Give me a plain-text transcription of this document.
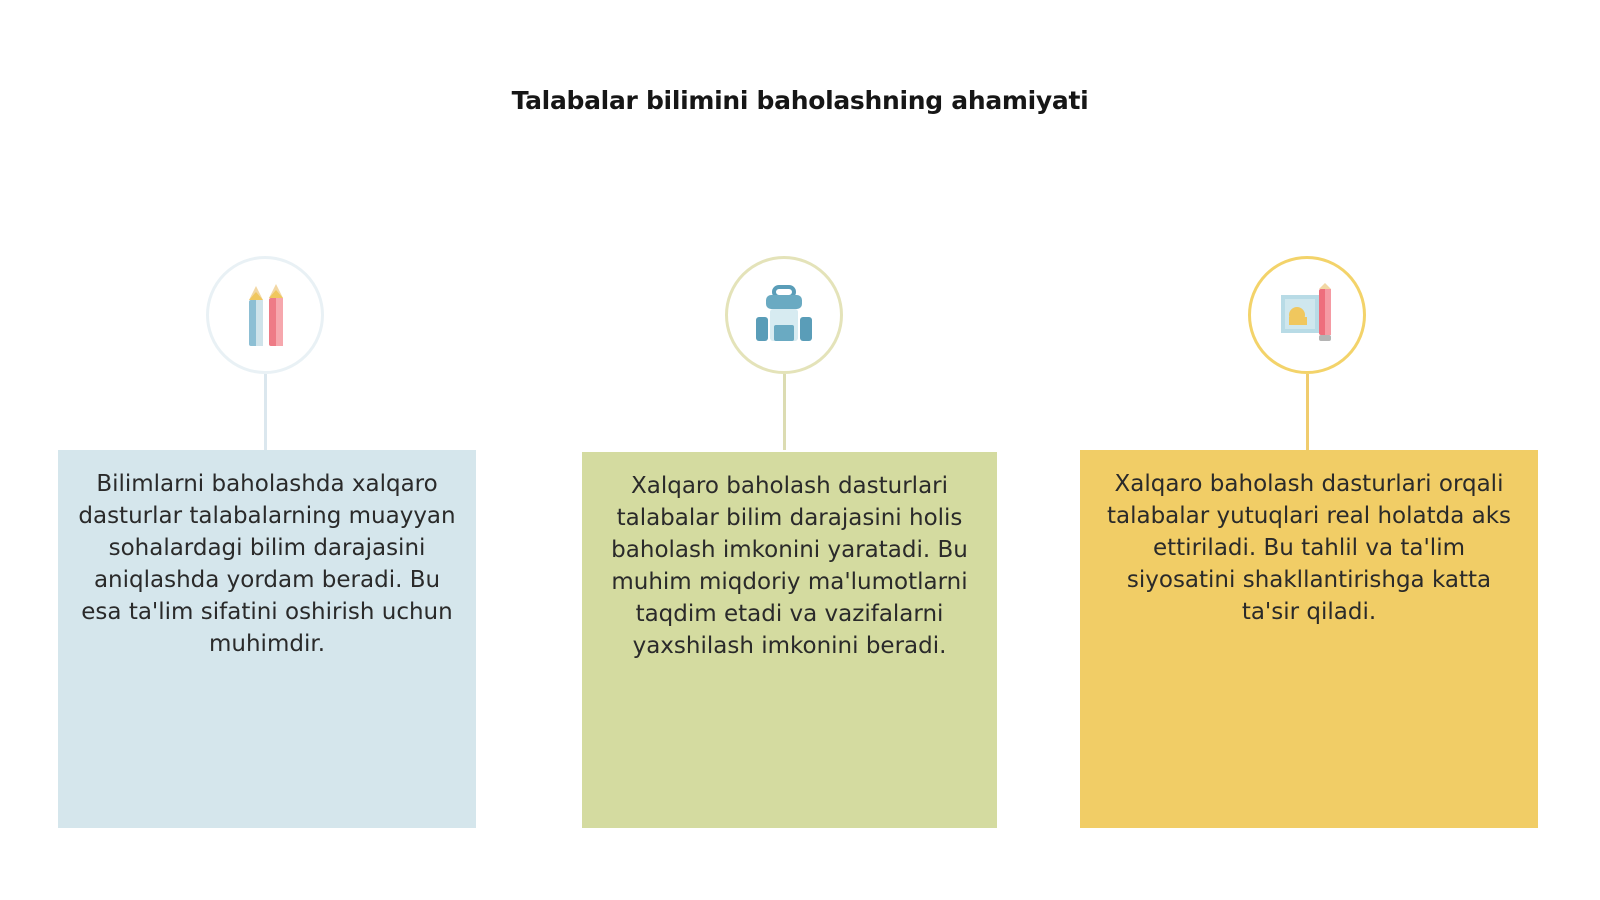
Talabalar bilimini baholashning ahamiyati
Bilimlarni baholashda xalqaro dasturlar talabalarning muayyan sohalardagi bilim darajasini aniqlashda yordam beradi. Bu esa ta'lim sifatini oshirish uchun muhimdir.
Xalqaro baholash dasturlari talabalar bilim darajasini holis baholash imkonini yaratadi. Bu muhim miqdoriy ma'lumotlarni taqdim etadi va vazifalarni yaxshilash imkonini beradi.
Xalqaro baholash dasturlari orqali talabalar yutuqlari real holatda aks ettiriladi. Bu tahlil va ta'lim siyosatini shakllantirishga katta ta'sir qiladi.
